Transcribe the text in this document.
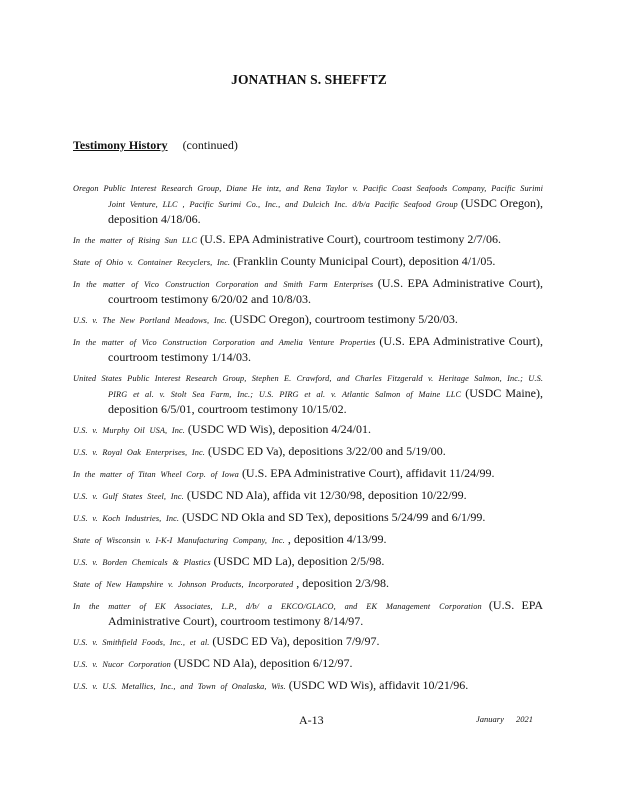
JONATHAN S. SHEFFTZ
Testimony History (continued)
Oregon Public Interest Research Group, Diane He intz, and Rena Taylor v. Pacific Coast Seafoods Company, Pacific Surimi Joint Venture, LLC , Pacific Surimi Co., Inc., and Dulcich Inc. d/b/a Pacific Seafood Group (USDC Oregon), deposition 4/18/06.
In the matter of Rising Sun LLC (U.S. EPA Administrative Court), courtroom testimony 2/7/06.
State of Ohio v. Container Recyclers, Inc. (Franklin County Municipal Court), deposition 4/1/05.
In the matter of Vico Construction Corporation and Smith Farm Enterprises (U.S. EPA Administrative Court), courtroom testimony 6/20/02 and 10/8/03.
U.S. v. The New Portland Meadows, Inc. (USDC Oregon), courtroom testimony 5/20/03.
In the matter of Vico Construction Corporation and Amelia Venture Properties (U.S. EPA Administrative Court), courtroom testimony 1/14/03.
United States Public Interest Research Group, Stephen E. Crawford, and Charles Fitzgerald v. Heritage Salmon, Inc.; U.S. PIRG et al. v. Stolt Sea Farm, Inc.; U.S. PIRG et al. v. Atlantic Salmon of Maine LLC (USDC Maine), deposition 6/5/01, courtroom testimony 10/15/02.
U.S. v. Murphy Oil USA, Inc. (USDC WD Wis), deposition 4/24/01.
U.S. v. Royal Oak Enterprises, Inc. (USDC ED Va), depositions 3/22/00 and 5/19/00.
In the matter of Titan Wheel Corp. of Iowa (U.S. EPA Administrative Court), affidavit 11/24/99.
U.S. v. Gulf States Steel, Inc. (USDC ND Ala), affida vit 12/30/98, deposition 10/22/99.
U.S. v. Koch Industries, Inc. (USDC ND Okla and SD Tex), depositions 5/24/99 and 6/1/99.
State of Wisconsin v. I-K-I Manufacturing Company, Inc. , deposition 4/13/99.
U.S. v. Borden Chemicals & Plastics (USDC MD La), deposition 2/5/98.
State of New Hampshire v. Johnson Products, Incorporated , deposition 2/3/98.
In the matter of EK Associates, L.P., d/b/ a EKCO/GLACO, and EK Management Corporation (U.S. EPA Administrative Court), courtroom testimony 8/14/97.
U.S. v. Smithfield Foods, Inc., et al. (USDC ED Va), deposition 7/9/97.
U.S. v. Nucor Corporation (USDC ND Ala), deposition 6/12/97.
U.S. v. U.S. Metallics, Inc., and Town of Onalaska, Wis. (USDC WD Wis), affidavit 10/21/96.
A-13	January 2021
